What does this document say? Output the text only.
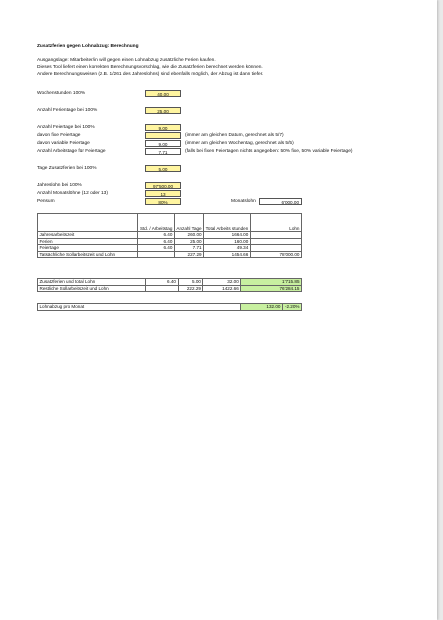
Zusatzferien gegen Lohnabzug: Berechnung
Ausgangslage: Mitarbeiter/in will gegen einen Lohnabzug zusätzliche Ferien kaufen.
Dieses Tool liefert einen korrekten Berechnungsvorschlag, wie die Zusatzferien berechnet werden können.
Andere Berechnungsweisen (z.B. 1/261 des Jahreslohns) sind ebenfalls möglich, der Abzug ist dann tiefer.
Wochenstunden 100%	40.00
Anzahl Ferientage bei 100%	25.00
Anzahl Feiertage bei 100%	9.00
davon fixe Feiertage	(immer am gleichen Datum, gerechnet als 5/7)
davon variable Feiertage	9.00	(immer am gleichen Wochentag, gerechnet als 5/5)
Anzahl Arbeitstage für Feiertage	7.71	(falls bei fixen Feiertagen nichts angegeben: 50% fixe, 50% variable Feiertage)
Tage Zusatzferien bei 100%	5.00
Jahreslohn bei 100%	97'500.00
Anzahl Monatslöhne (12 oder 13)	13
Pensum	80%	Monatslohn	6'000.00
	Std. / Arbeitstag	Anzahl Tage	Total Arbeits stunden	Lohn
Jahresarbeitszeit	6.40	260.00	1664.00	
Ferien	6.40	25.00	160.00	
Feiertage	6.40	7.71	49.34	
Tatsächliche Sollarbeitszeit und Lohn		227.29	1454.66	78'000.00
Zusatzferien und total Lohn	6.40	5.00	32.00	1'715.85
Restliche Sollarbeitszeit und Lohn		222.29	1422.66	76'284.15
Lohnabzug pro Monat	132.00	-2.20%
